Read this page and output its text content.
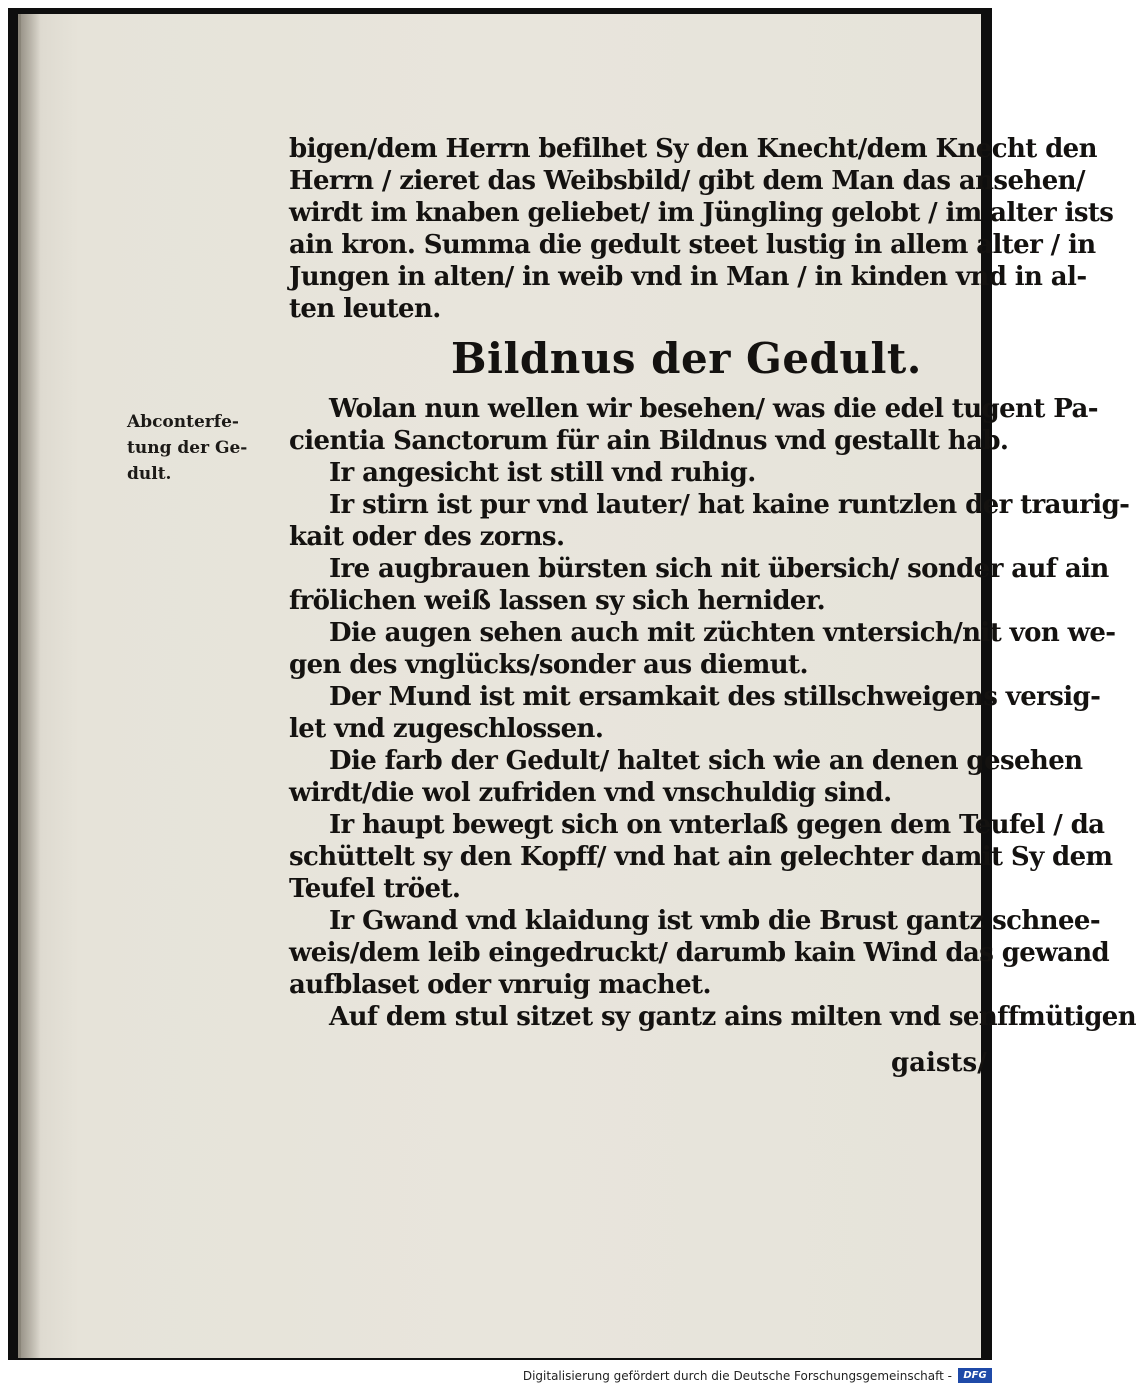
bigen/dem Herrn befilhet Sy den Knecht/dem Knecht den
Herrn / zieret das Weibsbild/ gibt dem Man das ansehen/
wirdt im knaben geliebet/ im Jüngling gelobt / im alter ists
ain kron. Summa die gedult steet lustig in allem alter / in
Jungen in alten/ in weib vnd in Man / in kinden vnd in al-
ten leuten.
Bildnus der Gedult.
Abconterfe-
tung der Ge-
dult.
Wolan nun wellen wir besehen/ was die edel tugent Pa-
cientia Sanctorum für ain Bildnus vnd gestallt hab.
Ir angesicht ist still vnd ruhig.
Ir stirn ist pur vnd lauter/ hat kaine runtzlen der traurig-
kait oder des zorns.
Ire augbrauen bürsten sich nit übersich/ sonder auf ain
frölichen weiß lassen sy sich hernider.
Die augen sehen auch mit züchten vntersich/nit von we-
gen des vnglücks/sonder aus diemut.
Der Mund ist mit ersamkait des stillschweigens versig-
let vnd zugeschlossen.
Die farb der Gedult/ haltet sich wie an denen gesehen
wirdt/die wol zufriden vnd vnschuldig sind.
Ir haupt bewegt sich on vnterlaß gegen dem Teufel / da
schüttelt sy den Kopff/ vnd hat ain gelechter damit Sy dem
Teufel tröet.
Ir Gwand vnd klaidung ist vmb die Brust gantz schnee-
weis/dem leib eingedruckt/ darumb kain Wind das gewand
aufblaset oder vnruig machet.
Auf dem stul sitzet sy gantz ains milten vnd senffmütigen
gaists/
Digitalisierung gefördert durch die Deutsche Forschungsgemeinschaft -	DFG
